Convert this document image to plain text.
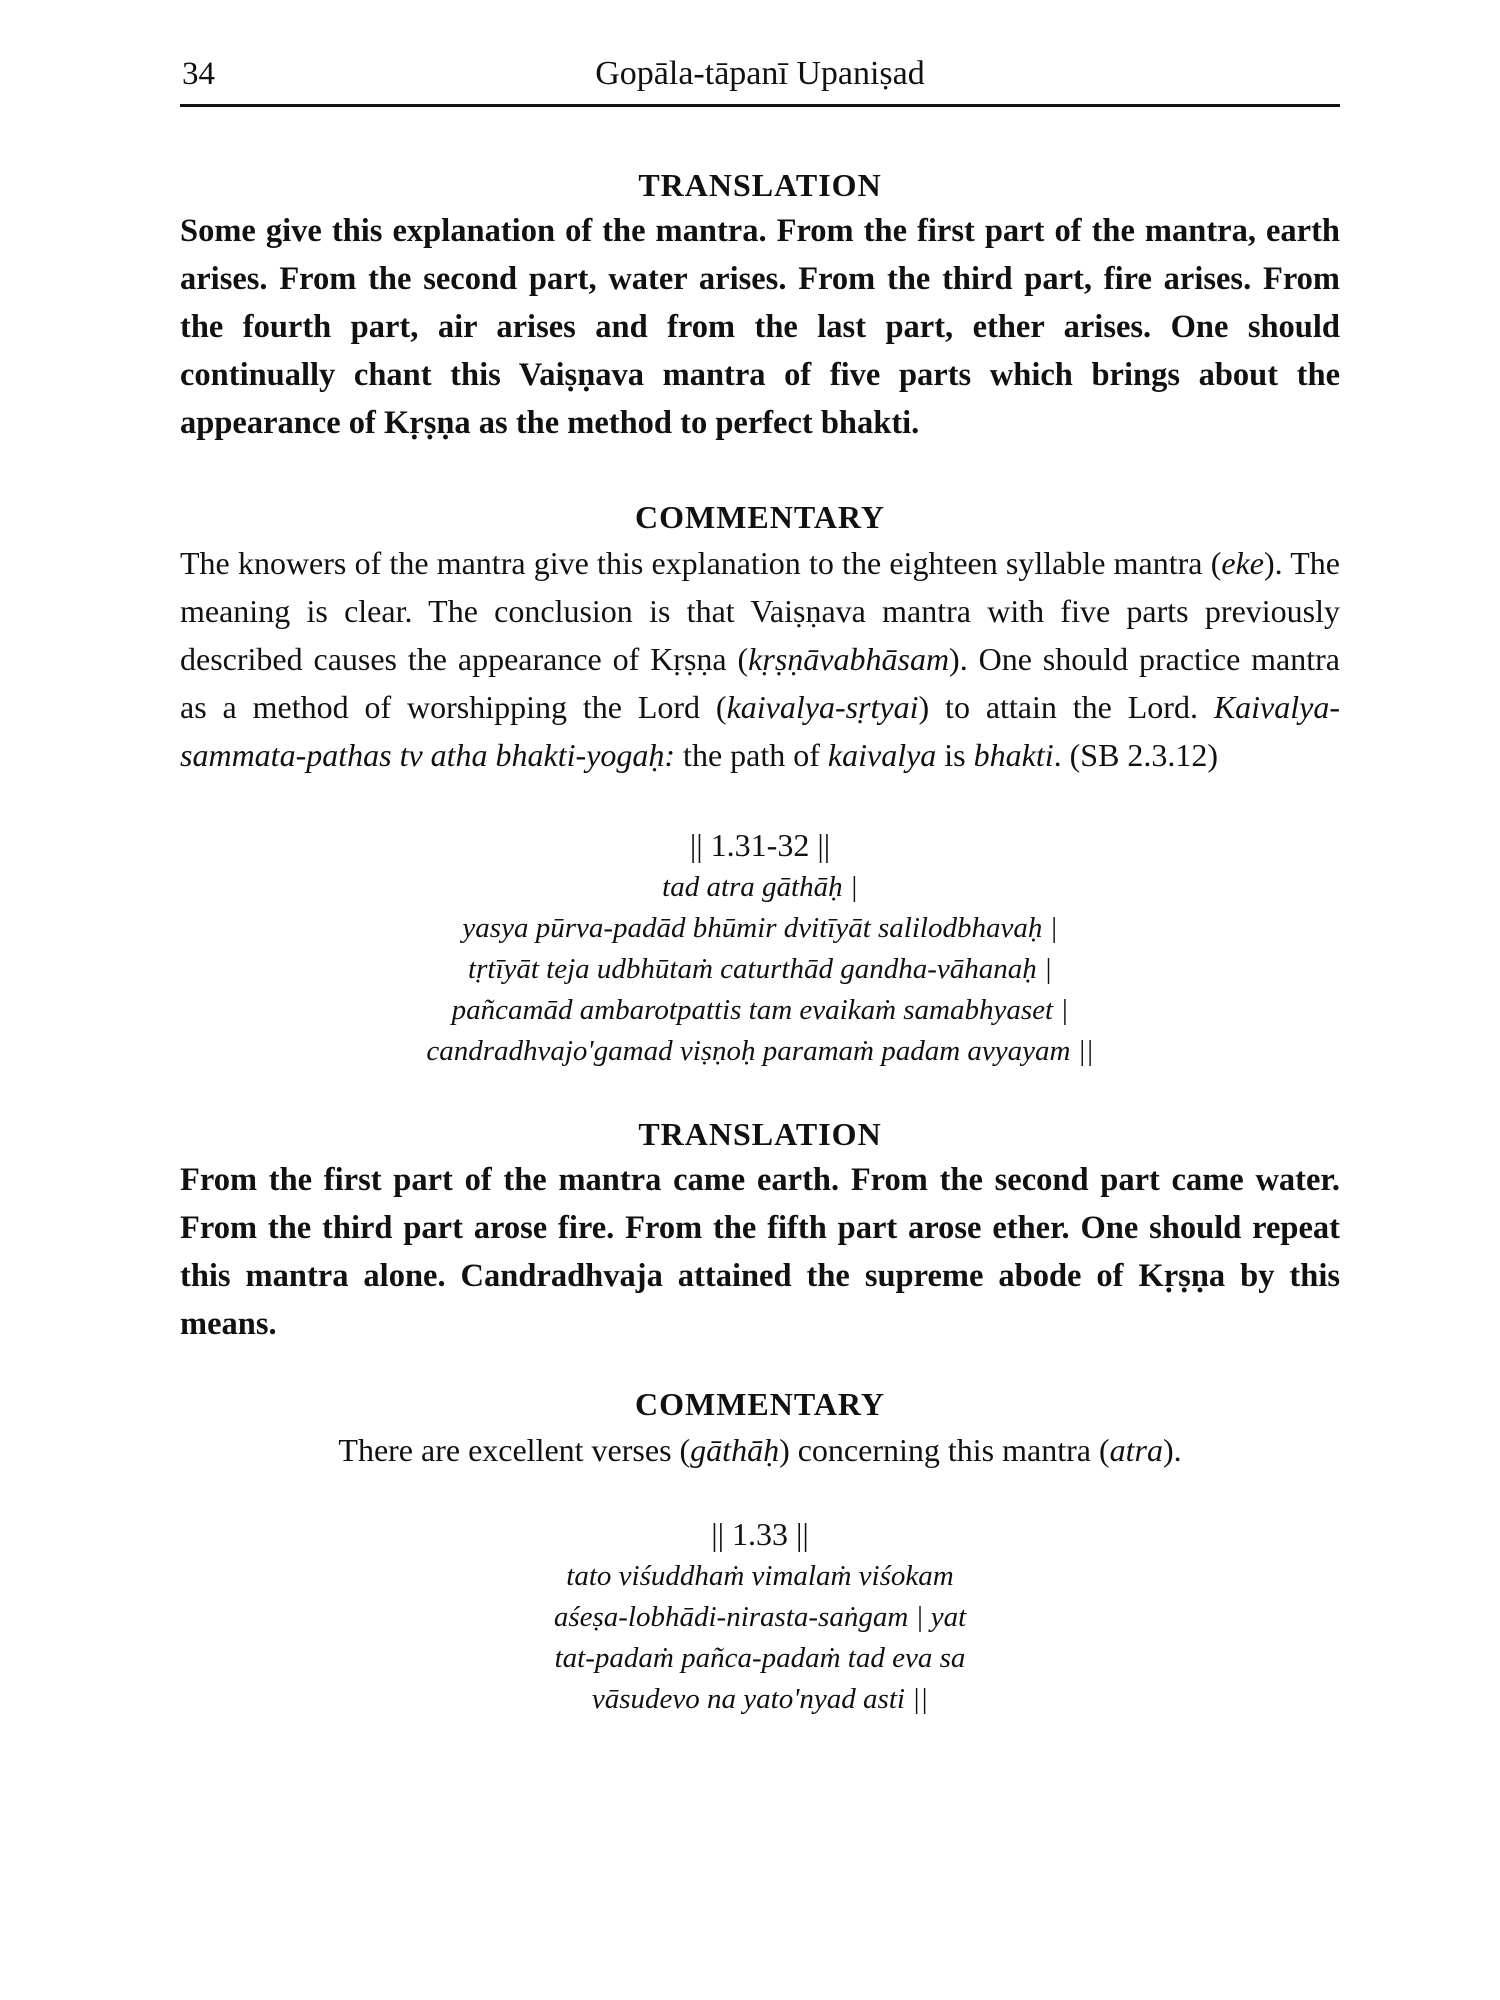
34	Gopāla-tāpanī Upaniṣad
TRANSLATION

Some give this explanation of the mantra. From the first part of the mantra, earth arises. From the second part, water arises. From the third part, fire arises. From the fourth part, air arises and from the last part, ether arises. One should continually chant this Vaiṣṇava mantra of five parts which brings about the appearance of Kṛṣṇa as the method to perfect bhakti.

COMMENTARY

The knowers of the mantra give this explanation to the eighteen syllable mantra (eke). The meaning is clear. The conclusion is that Vaiṣṇava mantra with five parts previously described causes the appearance of Kṛṣṇa (kṛṣṇāvabhāsam). One should practice mantra as a method of worshipping the Lord (kaivalya-sṛtyai) to attain the Lord. Kaivalya-sammata-pathas tv atha bhakti-yogaḥ: the path of kaivalya is bhakti. (SB 2.3.12)

|| 1.31-32 ||

tad atra gāthāḥ |
yasya pūrva-padād bhūmir dvitīyāt salilodbhavaḥ |
tṛtīyāt teja udbhūtaṁ caturthād gandha-vāhanaḥ |
pañcamād ambarotpattis tam evaikaṁ samabhyaset |
candradhvajo'gamad viṣṇoḥ paramaṁ padam avyayam ||

TRANSLATION

From the first part of the mantra came earth. From the second part came water. From the third part arose fire. From the fifth part arose ether. One should repeat this mantra alone. Candradhvaja attained the supreme abode of Kṛṣṇa by this means.

COMMENTARY

There are excellent verses (gāthāḥ) concerning this mantra (atra).

|| 1.33 ||

tato viśuddhaṁ vimalaṁ viśokam
aśeṣa-lobhādi-nirasta-saṅgam | yat
tat-padaṁ pañca-padaṁ tad eva sa
vāsudevo na yato'nyad asti ||
